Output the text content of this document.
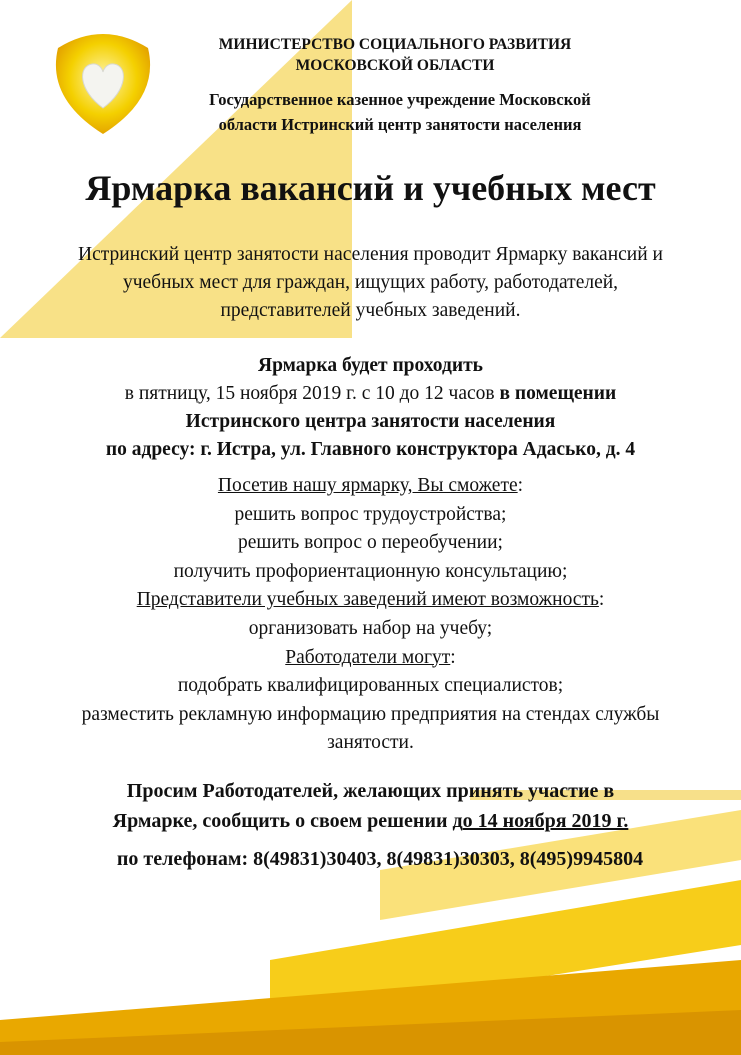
МИНИСТЕРСТВО СОЦИАЛЬНОГО РАЗВИТИЯ
МОСКОВСКОЙ ОБЛАСТИ
Государственное казенное учреждение Московской
области Истринский центр занятости населения
Ярмарка вакансий и учебных мест
Истринский центр занятости населения проводит Ярмарку вакансий и
учебных мест для граждан, ищущих работу, работодателей,
представителей учебных заведений.
Ярмарка будет проходить
в пятницу, 15 ноября 2019 г. с 10 до 12 часов в помещении
Истринского центра занятости населения
по адресу: г. Истра, ул. Главного конструктора Адасько, д. 4
Посетив нашу ярмарку, Вы сможете:
решить вопрос трудоустройства;
решить вопрос о переобучении;
получить профориентационную консультацию;
Представители учебных заведений имеют возможность:
организовать набор на учебу;
Работодатели могут:
подобрать квалифицированных специалистов;
разместить рекламную информацию предприятия на стендах службы
занятости.
Просим Работодателей, желающих принять участие в
Ярмарке, сообщить о своем решении до 14 ноября 2019 г.
по телефонам: 8(49831)30403, 8(49831)30303, 8(495)9945804
